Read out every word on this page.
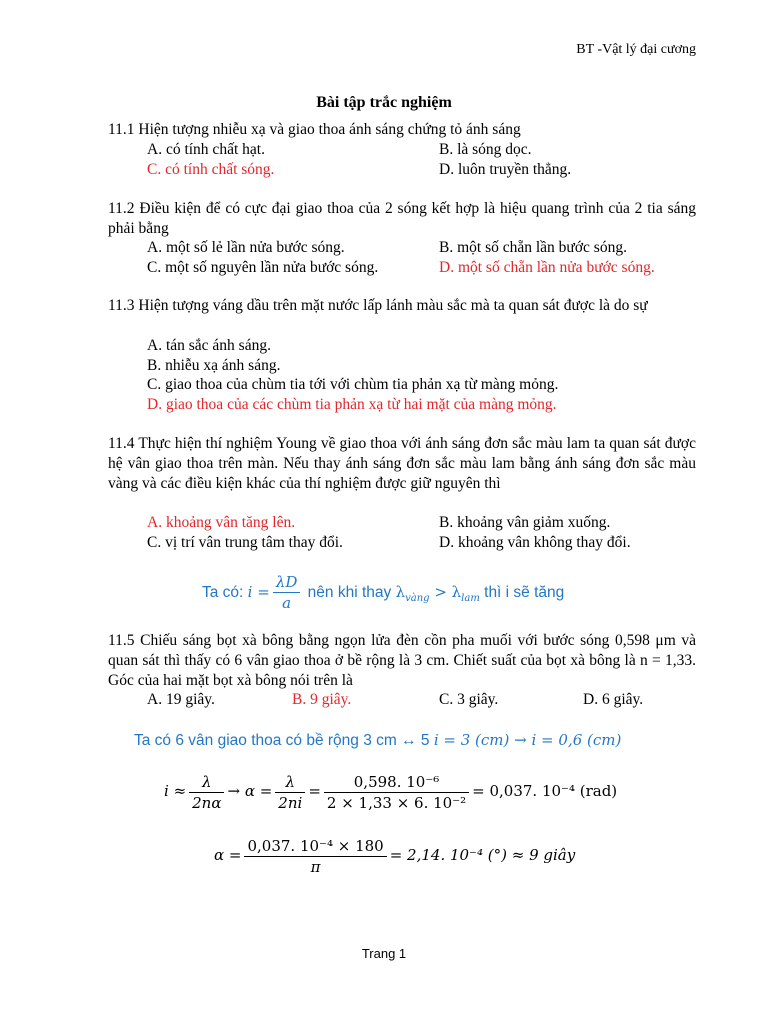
BT -Vật lý đại cương
Bài tập trắc nghiệm
11.1 Hiện tượng nhiễu xạ và giao thoa ánh sáng chứng tỏ ánh sáng
A. có tính chất hạt.	B. là sóng dọc.
C. có tính chất sóng.	D. luôn truyền thẳng.
11.2 Điều kiện để có cực đại giao thoa của 2 sóng kết hợp là hiệu quang trình của 2 tia sáng phải bằng
A. một số lẻ lần nửa bước sóng.	B. một số chẵn lần bước sóng.
C. một số nguyên lần nửa bước sóng.	D. một số chẵn lần nửa bước sóng.
11.3 Hiện tượng váng dầu trên mặt nước lấp lánh màu sắc mà ta quan sát được là do sự
A. tán sắc ánh sáng.
B. nhiễu xạ ánh sáng.
C. giao thoa của chùm tia tới với chùm tia phản xạ từ màng mỏng.
D. giao thoa của các chùm tia phản xạ từ hai mặt của màng mỏng.
11.4 Thực hiện thí nghiệm Young về giao thoa với ánh sáng đơn sắc màu lam ta quan sát được hệ vân giao thoa trên màn. Nếu thay ánh sáng đơn sắc màu lam bằng ánh sáng đơn sắc màu vàng và các điều kiện khác của thí nghiệm được giữ nguyên thì
A. khoảng vân tăng lên.	B. khoảng vân giảm xuống.
C. vị trí vân trung tâm thay đổi.	D. khoảng vân không thay đổi.
Ta có: $i = \frac{\lambda D}{a}$ nên khi thay $\lambda_{vàng} > \lambda_{lam}$ thì i sẽ tăng
11.5 Chiếu sáng bọt xà bông bằng ngọn lửa đèn cồn pha muối với bước sóng 0,598 μm và quan sát thì thấy có 6 vân giao thoa ở bề rộng là 3 cm. Chiết suất của bọt xà bông là n = 1,33. Góc của hai mặt bọt xà bông nói trên là
A. 19 giây.	B. 9 giây.	C. 3 giây.	D. 6 giây.
Ta có 6 vân giao thoa có bề rộng 3 cm ↔ 5 i = 3 (cm) → i = 0,6 (cm)
$i \approx \frac{\lambda}{2n\alpha} \to \alpha = \frac{\lambda}{2ni} = \frac{\text{0,598. 10⁻⁶}}{\text{2 × 1,33 × 6. 10⁻²}} = 0,037$. 10⁻⁴ (rad)
$\alpha = \frac{\text{0,037. 10⁻⁴ × 180}}{\pi} = 2,14$. 10⁻⁴ (°) ≈ 9 giây
Trang 1
